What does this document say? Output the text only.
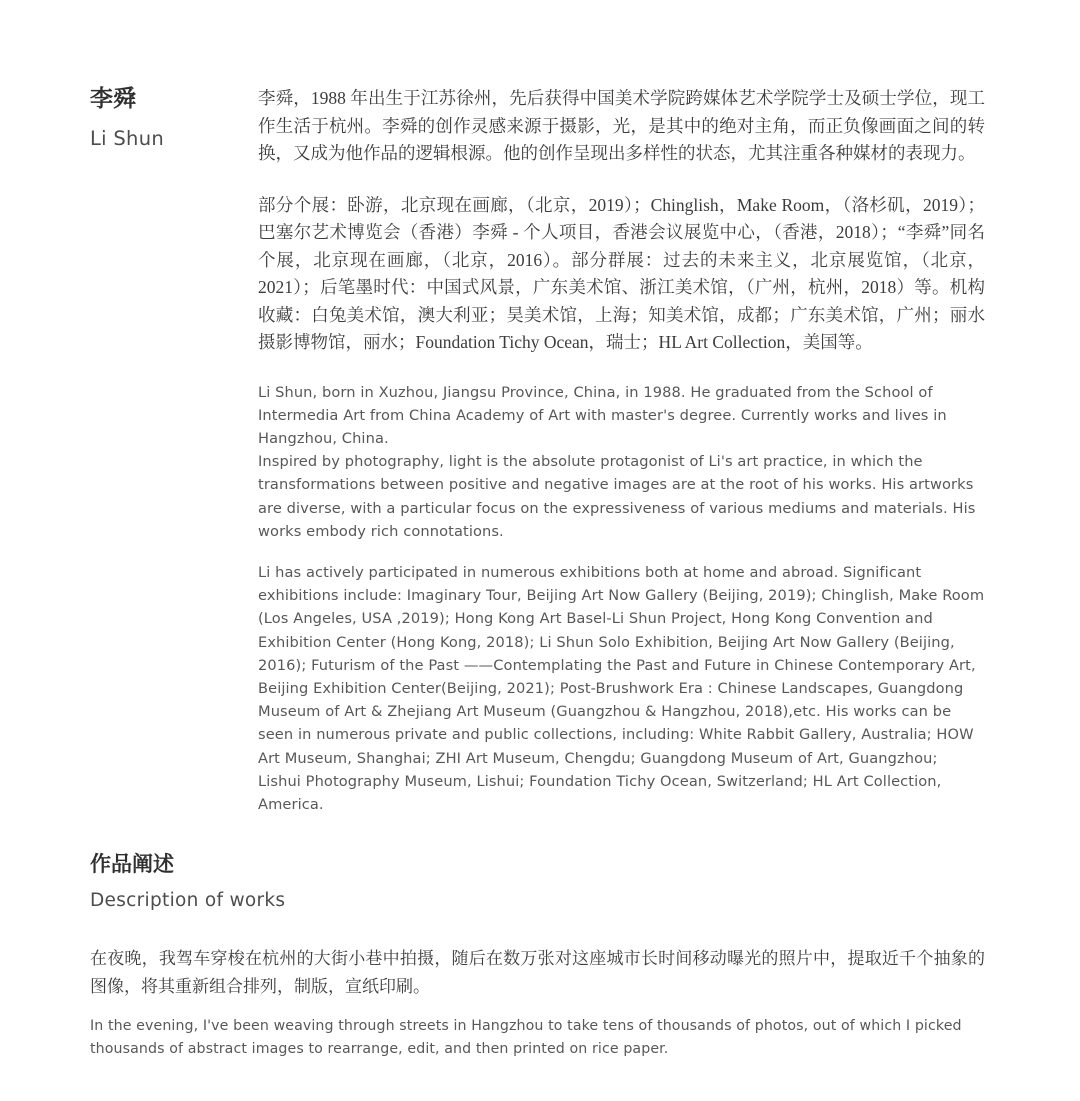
李舜
Li Shun

李舜，1988 年出生于江苏徐州，先后获得中国美术学院跨媒体艺术学院学士及硕士学位，现工作生活于杭州。李舜的创作灵感来源于摄影，光，是其中的绝对主角，而正负像画面之间的转换，又成为他作品的逻辑根源。他的创作呈现出多样性的状态，尤其注重各种媒材的表现力。

部分个展：卧游，北京现在画廊，（北京，2019）；Chinglish，Make Room，（洛杉矶，2019）；巴塞尔艺术博览会（香港）李舜 - 个人项目，香港会议展览中心，（香港，2018）；“李舜”同名个展，北京现在画廊，（北京，2016）。部分群展：过去的未来主义，北京展览馆，（北京，2021）；后笔墨时代：中国式风景，广东美术馆、浙江美术馆，（广州，杭州，2018）等。机构收藏：白兔美术馆，澳大利亚；昊美术馆，上海；知美术馆，成都；广东美术馆，广州；丽水摄影博物馆，丽水；Foundation Tichy Ocean，瑞士；HL Art Collection，美国等。

Li Shun, born in Xuzhou, Jiangsu Province, China, in 1988. He graduated from the School of Intermedia Art from China Academy of Art with master's degree. Currently works and lives in Hangzhou, China.
Inspired by photography, light is the absolute protagonist of Li's art practice, in which the transformations between positive and negative images are at the root of his works. His artworks are diverse, with a particular focus on the expressiveness of various mediums and materials. His works embody rich connotations.

Li has actively participated in numerous exhibitions both at home and abroad. Significant exhibitions include: Imaginary Tour, Beijing Art Now Gallery (Beijing, 2019); Chinglish, Make Room (Los Angeles, USA ,2019); Hong Kong Art Basel-Li Shun Project, Hong Kong Convention and Exhibition Center (Hong Kong, 2018); Li Shun Solo Exhibition, Beijing Art Now Gallery (Beijing, 2016); Futurism of the Past ——Contemplating the Past and Future in Chinese Contemporary Art, Beijing Exhibition Center(Beijing, 2021); Post-Brushwork Era : Chinese Landscapes, Guangdong Museum of Art & Zhejiang Art Museum (Guangzhou & Hangzhou, 2018),etc. His works can be seen in numerous private and public collections, including: White Rabbit Gallery, Australia; HOW Art Museum, Shanghai; ZHI Art Museum, Chengdu; Guangdong Museum of Art, Guangzhou; Lishui Photography Museum, Lishui; Foundation Tichy Ocean, Switzerland; HL Art Collection, America.

作品阐述
Description of works

在夜晚，我驾车穿梭在杭州的大街小巷中拍摄，随后在数万张对这座城市长时间移动曝光的照片中，提取近千个抽象的图像，将其重新组合排列，制版，宣纸印刷。

In the evening, I've been weaving through streets in Hangzhou to take tens of thousands of photos, out of which I picked thousands of abstract images to rearrange, edit, and then printed on rice paper.
